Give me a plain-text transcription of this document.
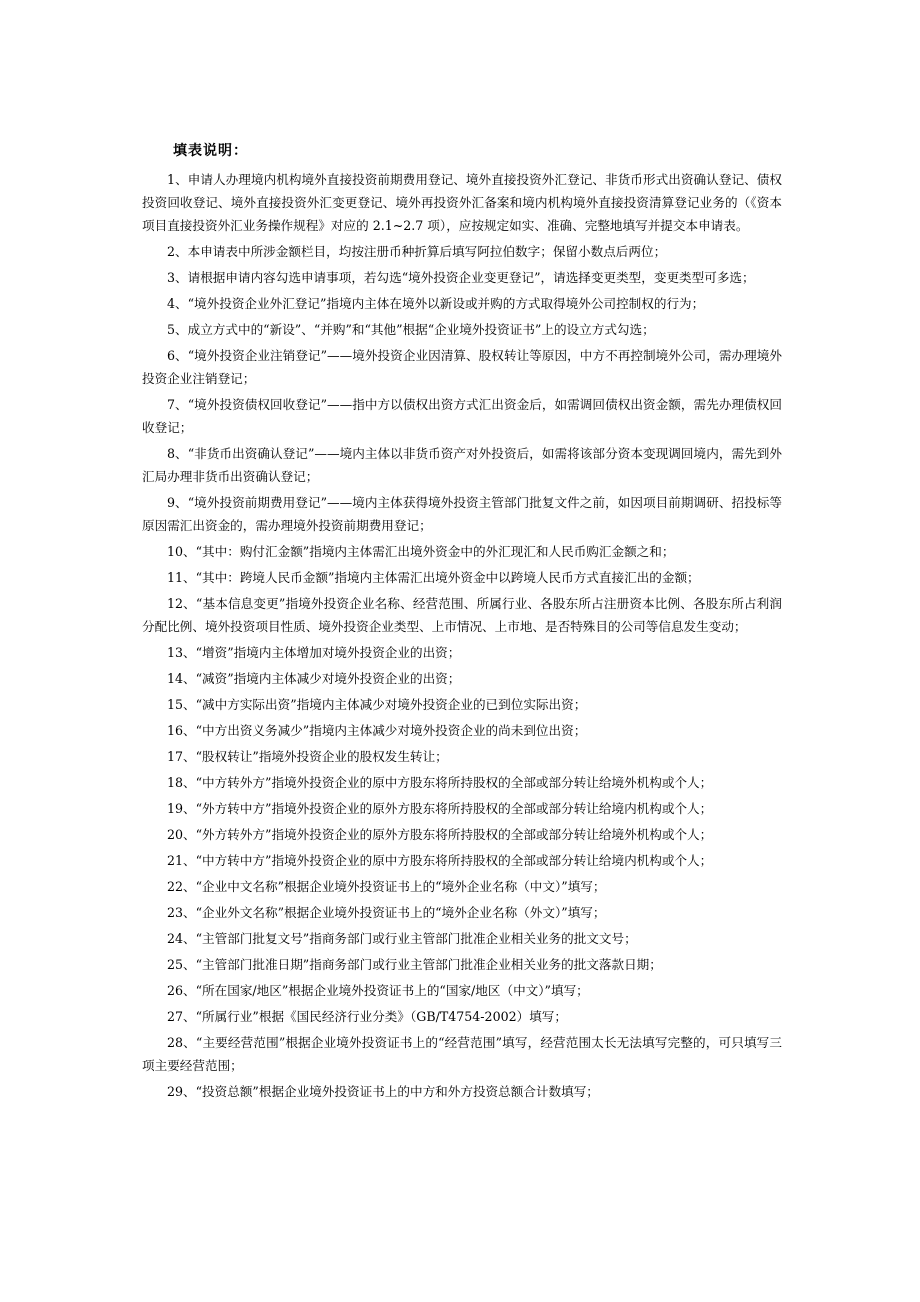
填表说明：

1、申请人办理境内机构境外直接投资前期费用登记、境外直接投资外汇登记、非货币形式出资确认登记、债权投资回收登记、境外直接投资外汇变更登记、境外再投资外汇备案和境内机构境外直接投资清算登记业务的（《资本项目直接投资外汇业务操作规程》对应的 2.1~2.7 项），应按规定如实、准确、完整地填写并提交本申请表。

2、本申请表中所涉金额栏目，均按注册币种折算后填写阿拉伯数字；保留小数点后两位；

3、请根据申请内容勾选申请事项，若勾选“境外投资企业变更登记”，请选择变更类型，变更类型可多选；

4、“境外投资企业外汇登记”指境内主体在境外以新设或并购的方式取得境外公司控制权的行为；

5、成立方式中的“新设”、“并购”和“其他”根据“企业境外投资证书”上的设立方式勾选；

6、“境外投资企业注销登记”——境外投资企业因清算、股权转让等原因，中方不再控制境外公司，需办理境外投资企业注销登记；

7、“境外投资债权回收登记”——指中方以债权出资方式汇出资金后，如需调回债权出资金额，需先办理债权回收登记；

8、“非货币出资确认登记”——境内主体以非货币资产对外投资后，如需将该部分资本变现调回境内，需先到外汇局办理非货币出资确认登记；

9、“境外投资前期费用登记”——境内主体获得境外投资主管部门批复文件之前，如因项目前期调研、招投标等原因需汇出资金的，需办理境外投资前期费用登记；

10、“其中：购付汇金额”指境内主体需汇出境外资金中的外汇现汇和人民币购汇金额之和；

11、“其中：跨境人民币金额”指境内主体需汇出境外资金中以跨境人民币方式直接汇出的金额；

12、“基本信息变更”指境外投资企业名称、经营范围、所属行业、各股东所占注册资本比例、各股东所占利润分配比例、境外投资项目性质、境外投资企业类型、上市情况、上市地、是否特殊目的公司等信息发生变动；

13、“增资”指境内主体增加对境外投资企业的出资；

14、“减资”指境内主体减少对境外投资企业的出资；

15、“减中方实际出资”指境内主体减少对境外投资企业的已到位实际出资；

16、“中方出资义务减少”指境内主体减少对境外投资企业的尚未到位出资；

17、“股权转让”指境外投资企业的股权发生转让；

18、“中方转外方”指境外投资企业的原中方股东将所持股权的全部或部分转让给境外机构或个人；

19、“外方转中方”指境外投资企业的原外方股东将所持股权的全部或部分转让给境内机构或个人；

20、“外方转外方”指境外投资企业的原外方股东将所持股权的全部或部分转让给境外机构或个人；

21、“中方转中方”指境外投资企业的原中方股东将所持股权的全部或部分转让给境内机构或个人；

22、“企业中文名称”根据企业境外投资证书上的“境外企业名称（中文）”填写；

23、“企业外文名称”根据企业境外投资证书上的“境外企业名称（外文）”填写；

24、“主管部门批复文号”指商务部门或行业主管部门批准企业相关业务的批文文号；

25、“主管部门批准日期”指商务部门或行业主管部门批准企业相关业务的批文落款日期；

26、“所在国家/地区”根据企业境外投资证书上的“国家/地区（中文）”填写；

27、“所属行业”根据《国民经济行业分类》（GB/T4754-2002）填写；

28、“主要经营范围”根据企业境外投资证书上的“经营范围”填写，经营范围太长无法填写完整的，可只填写三项主要经营范围；

29、“投资总额”根据企业境外投资证书上的中方和外方投资总额合计数填写；
